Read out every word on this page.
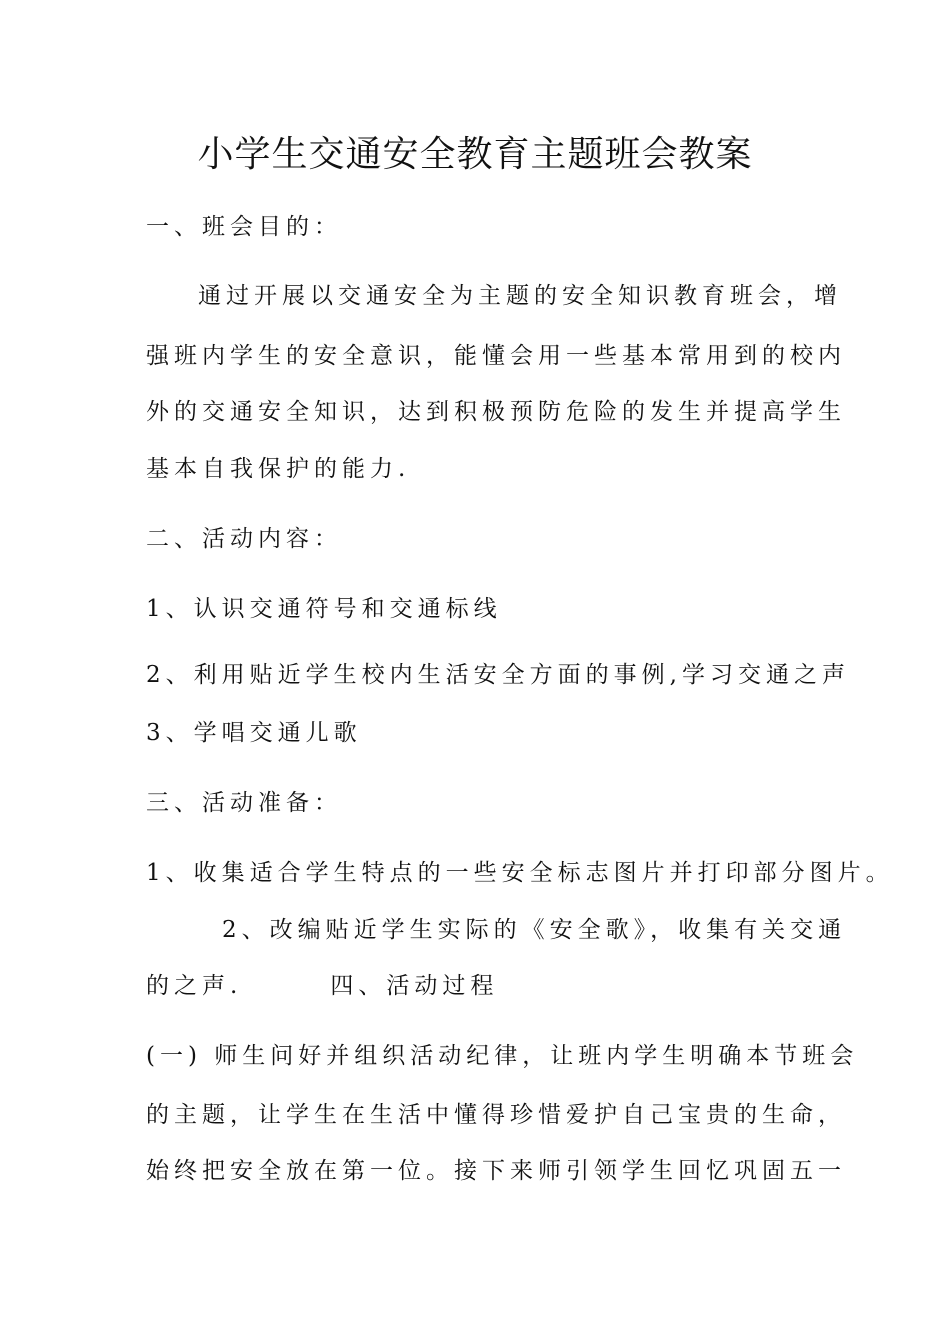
小学生交通安全教育主题班会教案
一、班会目的：
通过开展以交通安全为主题的安全知识教育班会，增
强班内学生的安全意识，能懂会用一些基本常用到的校内
外的交通安全知识，达到积极预防危险的发生并提高学生
基本自我保护的能力.
二、活动内容：
1、认识交通符号和交通标线
2、利用贴近学生校内生活安全方面的事例,学习交通之声
3、学唱交通儿歌
三、活动准备：
1、收集适合学生特点的一些安全标志图片并打印部分图片。
2、改编贴近学生实际的《安全歌》，收集有关交通
的之声.	四、活动过程
(一) 师生问好并组织活动纪律，让班内学生明确本节班会
的主题，让学生在生活中懂得珍惜爱护自己宝贵的生命，
始终把安全放在第一位。接下来师引领学生回忆巩固五一
